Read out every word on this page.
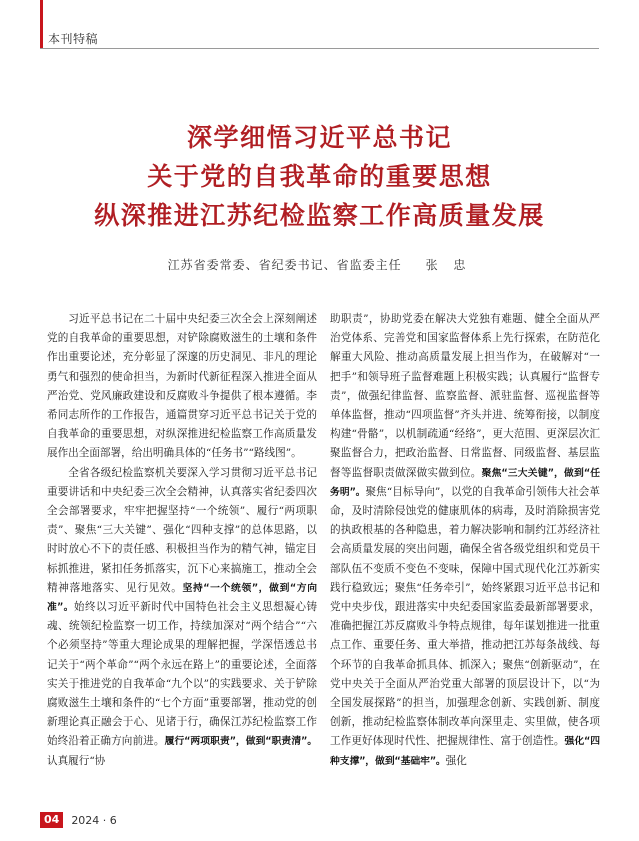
本刊特稿
深学细悟习近平总书记
关于党的自我革命的重要思想
纵深推进江苏纪检监察工作高质量发展
江苏省委常委、省纪委书记、省监委主任 张 忠

习近平总书记在二十届中央纪委三次全会上深刻阐述党的自我革命的重要思想，对铲除腐败滋生的土壤和条件作出重要论述，充分彰显了深邃的历史洞见、非凡的理论勇气和强烈的使命担当，为新时代新征程深入推进全面从严治党、党风廉政建设和反腐败斗争提供了根本遵循。李希同志所作的工作报告，通篇贯穿习近平总书记关于党的自我革命的重要思想，对纵深推进纪检监察工作高质量发展作出全面部署，给出明确具体的“任务书”“路线图”。

全省各级纪检监察机关要深入学习贯彻习近平总书记重要讲话和中央纪委三次全会精神，认真落实省纪委四次全会部署要求，牢牢把握坚持“一个统领”、履行“两项职责”、聚焦“三大关键”、强化“四种支撑”的总体思路，以时时放心不下的责任感、积极担当作为的精气神，锚定目标抓推进，紧扣任务抓落实，沉下心来搞施工，推动全会精神落地落实、见行见效。坚持“一个统领”，做到“方向准”。始终以习近平新时代中国特色社会主义思想凝心铸魂、统领纪检监察一切工作，持续加深对“两个结合”“六个必须坚持”等重大理论成果的理解把握，学深悟透总书记关于“两个革命”“两个永远在路上”的重要论述，全面落实关于推进党的自我革命“九个以”的实践要求、关于铲除腐败滋生土壤和条件的“七个方面”重要部署，推动党的创新理论真正融会于心、见诸于行，确保江苏纪检监察工作始终沿着正确方向前进。履行“两项职责”，做到“职责清”。认真履行“协

助职责”，协助党委在解决大党独有难题、健全全面从严治党体系、完善党和国家监督体系上先行探索，在防范化解重大风险、推动高质量发展上担当作为，在破解对“一把手”和领导班子监督难题上积极实践；认真履行“监督专责”，做强纪律监督、监察监督、派驻监督、巡视监督等单体监督，推动“四项监督”齐头并进、统筹衔接，以制度构建“骨骼”，以机制疏通“经络”，更大范围、更深层次汇聚监督合力，把政治监督、日常监督、同级监督、基层监督等监督职责做深做实做到位。聚焦“三大关键”，做到“任务明”。聚焦“目标导向”，以党的自我革命引领伟大社会革命，及时清除侵蚀党的健康肌体的病毒，及时消除损害党的执政根基的各种隐患，着力解决影响和制约江苏经济社会高质量发展的突出问题，确保全省各级党组织和党员干部队伍不变质不变色不变味，保障中国式现代化江苏新实践行稳致远；聚焦“任务牵引”，始终紧跟习近平总书记和党中央步伐，跟进落实中央纪委国家监委最新部署要求，准确把握江苏反腐败斗争特点规律，每年谋划推进一批重点工作、重要任务、重大举措，推动把江苏每条战线、每个环节的自我革命抓具体、抓深入；聚焦“创新驱动”，在党中央关于全面从严治党重大部署的顶层设计下，以“为全国发展探路”的担当，加强理念创新、实践创新、制度创新，推动纪检监察体制改革向深里走、实里做，使各项工作更好体现时代性、把握规律性、富于创造性。强化“四种支撑”，做到“基础牢”。强化

04	2024 · 6
